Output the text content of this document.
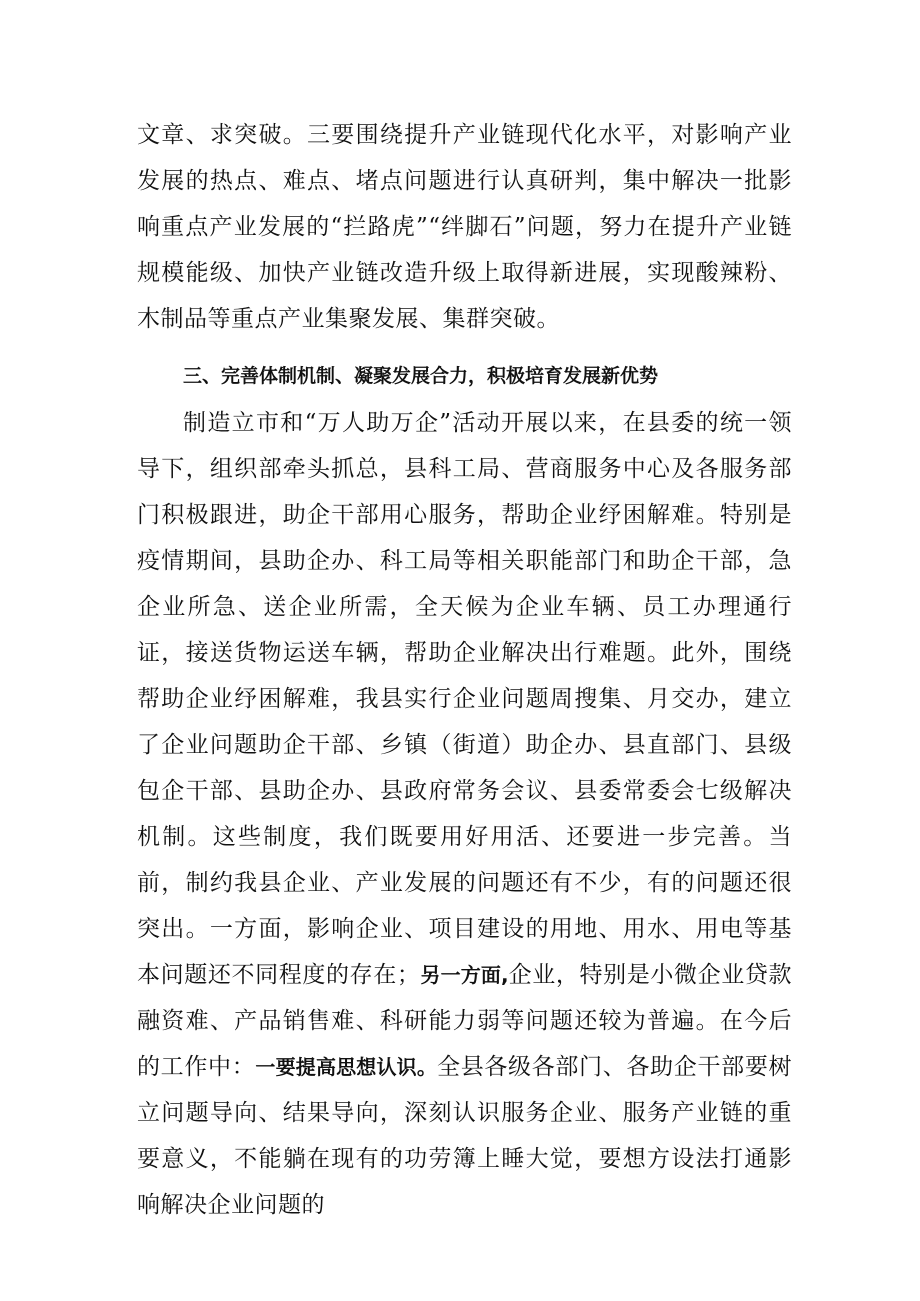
文章、求突破。三要围绕提升产业链现代化水平，对影响产业发展的热点、难点、堵点问题进行认真研判，集中解决一批影响重点产业发展的“拦路虎”“绊脚石”问题，努力在提升产业链规模能级、加快产业链改造升级上取得新进展，实现酸辣粉、木制品等重点产业集聚发展、集群突破。

三、完善体制机制、凝聚发展合力，积极培育发展新优势

制造立市和“万人助万企”活动开展以来，在县委的统一领导下，组织部牵头抓总，县科工局、营商服务中心及各服务部门积极跟进，助企干部用心服务，帮助企业纾困解难。特别是疫情期间，县助企办、科工局等相关职能部门和助企干部，急企业所急、送企业所需，全天候为企业车辆、员工办理通行证，接送货物运送车辆，帮助企业解决出行难题。此外，围绕帮助企业纾困解难，我县实行企业问题周搜集、月交办，建立了企业问题助企干部、乡镇（街道）助企办、县直部门、县级包企干部、县助企办、县政府常务会议、县委常委会七级解决机制。这些制度，我们既要用好用活、还要进一步完善。当前，制约我县企业、产业发展的问题还有不少，有的问题还很突出。一方面，影响企业、项目建设的用地、用水、用电等基本问题还不同程度的存在；另一方面,企业，特别是小微企业贷款融资难、产品销售难、科研能力弱等问题还较为普遍。在今后的工作中：一要提高思想认识。全县各级各部门、各助企干部要树立问题导向、结果导向，深刻认识服务企业、服务产业链的重要意义，不能躺在现有的功劳簿上睡大觉，要想方设法打通影响解决企业问题的
